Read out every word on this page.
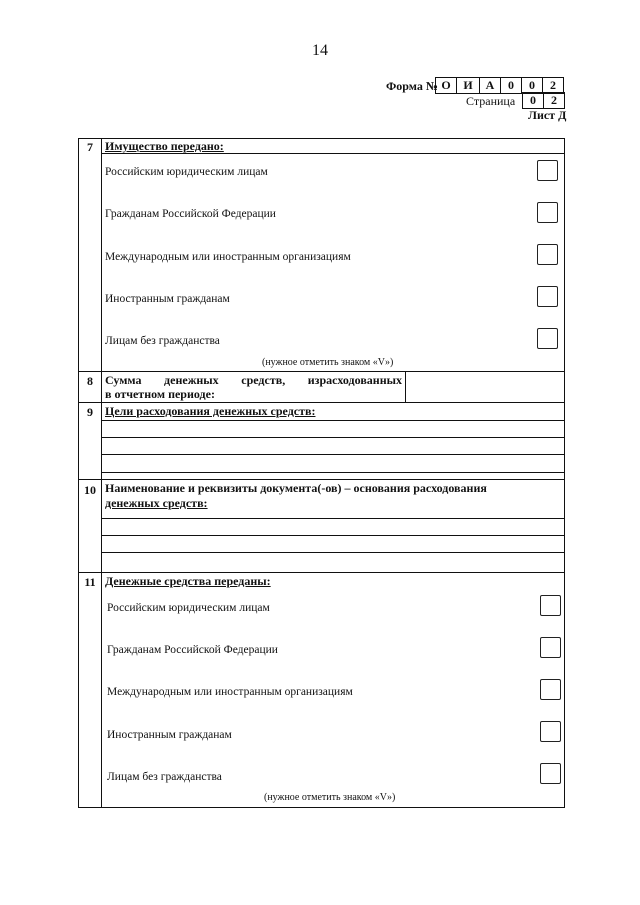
14
Форма № О	И	А	0	0	2
Страница	0	2
Лист Д
7	Имущество передано:
Российским юридическим лицам
Гражданам Российской Федерации
Международным или иностранным организациям
Иностранным гражданам
Лицам без гражданства
(нужное отметить знаком «V»)
8	Сумма денежных средств, израсходованных
в отчетном периоде:
9	Цели расходования денежных средств:
10 Наименование и реквизиты документа(-ов) – основания расходования
денежных средств:
11 Денежные средства переданы:
Российским юридическим лицам
Гражданам Российской Федерации
Международным или иностранным организациям
Иностранным гражданам
Лицам без гражданства
(нужное отметить знаком «V»)
